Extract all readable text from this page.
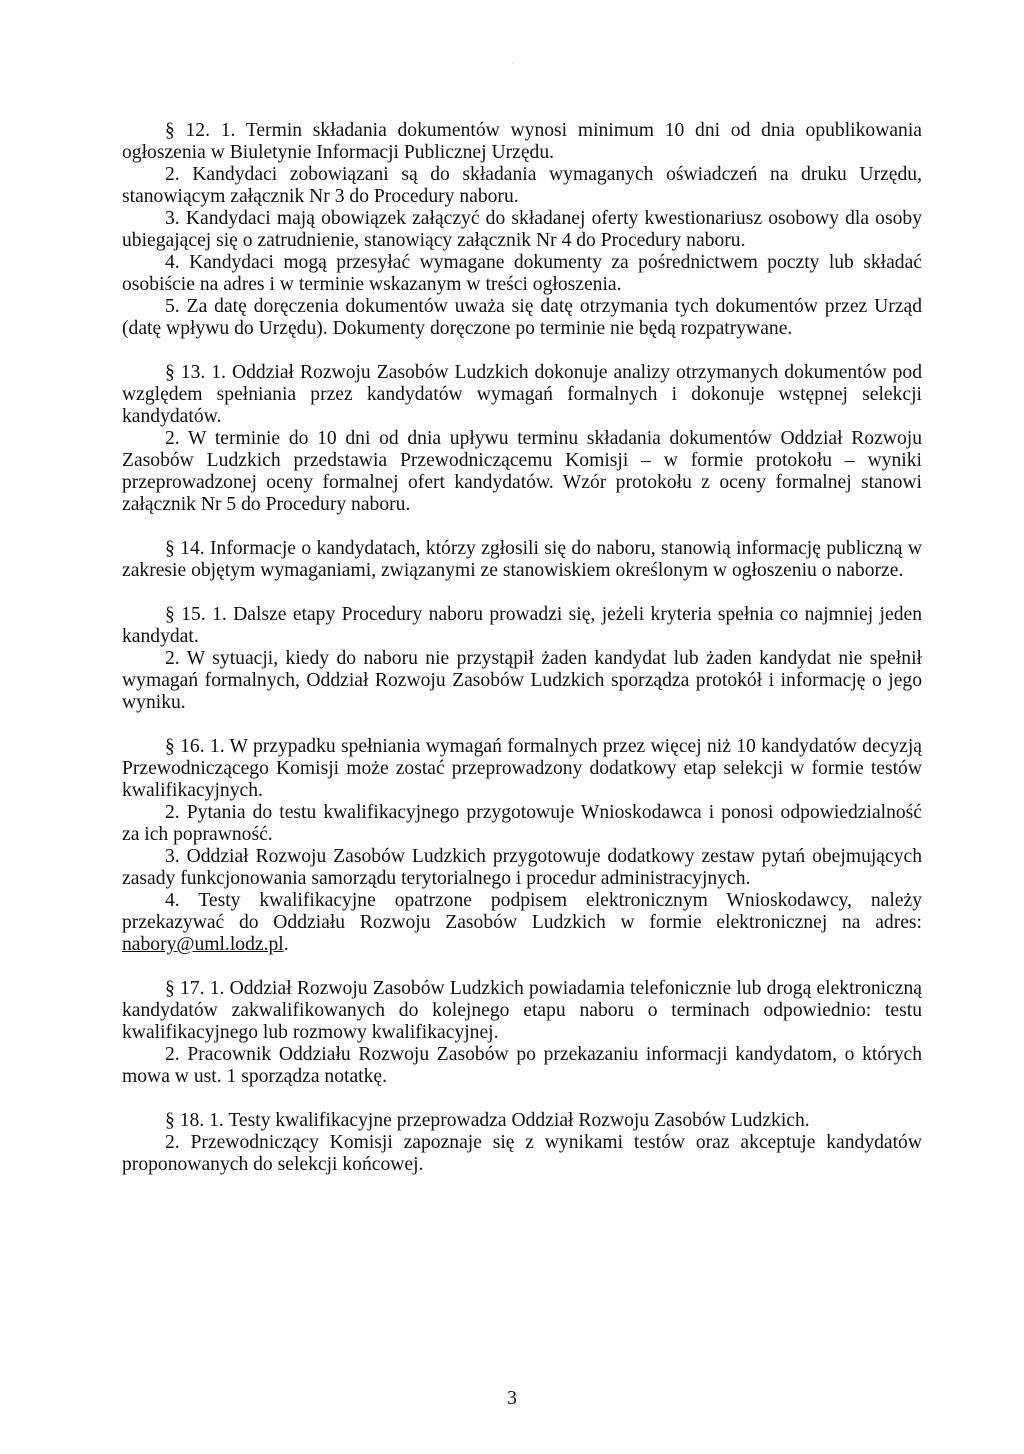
§ 12. 1. Termin składania dokumentów wynosi minimum 10 dni od dnia opublikowania ogłoszenia w Biuletynie Informacji Publicznej Urzędu.

2. Kandydaci zobowiązani są do składania wymaganych oświadczeń na druku Urzędu, stanowiącym załącznik Nr 3 do Procedury naboru.

3. Kandydaci mają obowiązek załączyć do składanej oferty kwestionariusz osobowy dla osoby ubiegającej się o zatrudnienie, stanowiący załącznik Nr 4 do Procedury naboru.

4. Kandydaci mogą przesyłać wymagane dokumenty za pośrednictwem poczty lub składać osobiście na adres i w terminie wskazanym w treści ogłoszenia.

5. Za datę doręczenia dokumentów uważa się datę otrzymania tych dokumentów przez Urząd (datę wpływu do Urzędu). Dokumenty doręczone po terminie nie będą rozpatrywane.

§ 13. 1. Oddział Rozwoju Zasobów Ludzkich dokonuje analizy otrzymanych dokumentów pod względem spełniania przez kandydatów wymagań formalnych i dokonuje wstępnej selekcji kandydatów.

2. W terminie do 10 dni od dnia upływu terminu składania dokumentów Oddział Rozwoju Zasobów Ludzkich przedstawia Przewodniczącemu Komisji – w formie protokołu – wyniki przeprowadzonej oceny formalnej ofert kandydatów. Wzór protokołu z oceny formalnej stanowi załącznik Nr 5 do Procedury naboru.

§ 14. Informacje o kandydatach, którzy zgłosili się do naboru, stanowią informację publiczną w zakresie objętym wymaganiami, związanymi ze stanowiskiem określonym w ogłoszeniu o naborze.

§ 15. 1. Dalsze etapy Procedury naboru prowadzi się, jeżeli kryteria spełnia co najmniej jeden kandydat.

2. W sytuacji, kiedy do naboru nie przystąpił żaden kandydat lub żaden kandydat nie spełnił wymagań formalnych, Oddział Rozwoju Zasobów Ludzkich sporządza protokół i informację o jego wyniku.

§ 16. 1. W przypadku spełniania wymagań formalnych przez więcej niż 10 kandydatów decyzją Przewodniczącego Komisji może zostać przeprowadzony dodatkowy etap selekcji w formie testów kwalifikacyjnych.

2. Pytania do testu kwalifikacyjnego przygotowuje Wnioskodawca i ponosi odpowiedzialność za ich poprawność.

3. Oddział Rozwoju Zasobów Ludzkich przygotowuje dodatkowy zestaw pytań obejmujących zasady funkcjonowania samorządu terytorialnego i procedur administracyjnych.

4. Testy kwalifikacyjne opatrzone podpisem elektronicznym Wnioskodawcy, należy przekazywać do Oddziału Rozwoju Zasobów Ludzkich w formie elektronicznej na adres: nabory@uml.lodz.pl.

§ 17. 1. Oddział Rozwoju Zasobów Ludzkich powiadamia telefonicznie lub drogą elektroniczną kandydatów zakwalifikowanych do kolejnego etapu naboru o terminach odpowiednio: testu kwalifikacyjnego lub rozmowy kwalifikacyjnej.

2. Pracownik Oddziału Rozwoju Zasobów po przekazaniu informacji kandydatom, o których mowa w ust. 1 sporządza notatkę.

§ 18. 1. Testy kwalifikacyjne przeprowadza Oddział Rozwoju Zasobów Ludzkich.

2. Przewodniczący Komisji zapoznaje się z wynikami testów oraz akceptuje kandydatów proponowanych do selekcji końcowej.

3
